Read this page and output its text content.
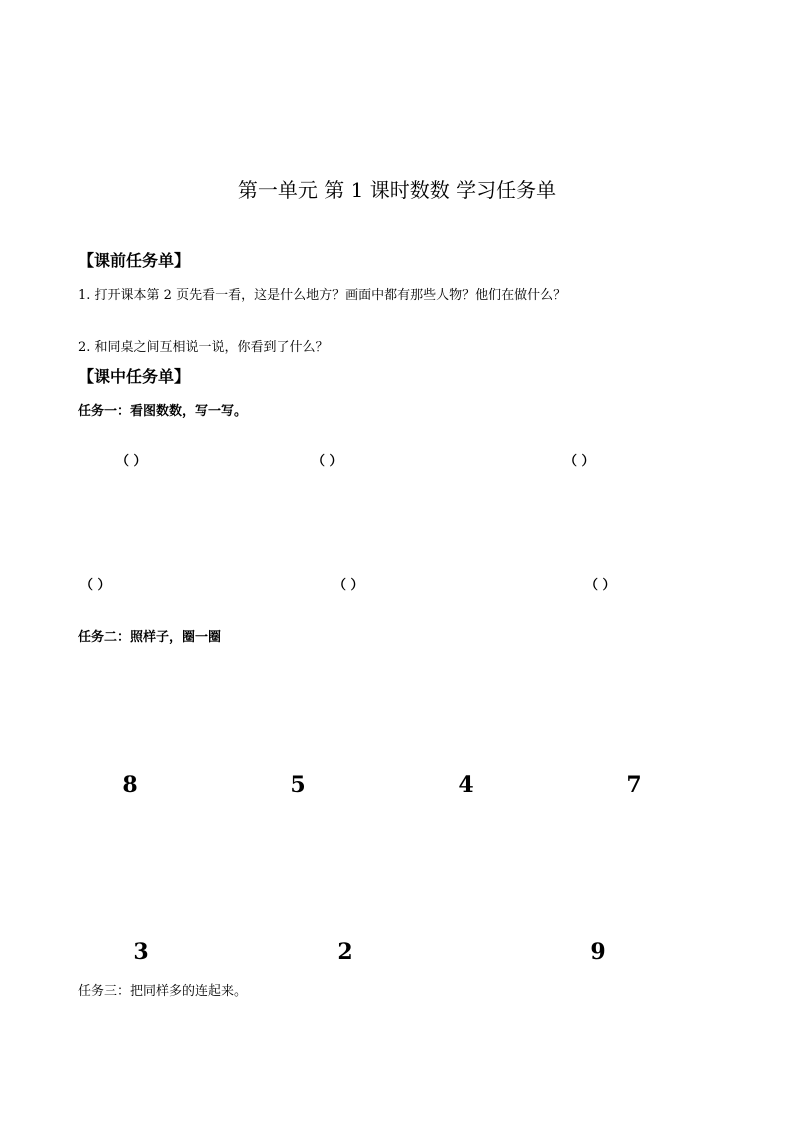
第一单元 第 1 课时数数 学习任务单
【课前任务单】
1. 打开课本第 2 页先看一看，这是什么地方？画面中都有那些人物？他们在做什么？
2. 和同桌之间互相说一说，你看到了什么？
【课中任务单】
任务一：看图数数，写一写。
（ ）	（ ）	（ ）
（ ）	（ ）	（ ）
任务二：照样子，圈一圈
8	5	4	7
3	2	9
任务三：把同样多的连起来。
